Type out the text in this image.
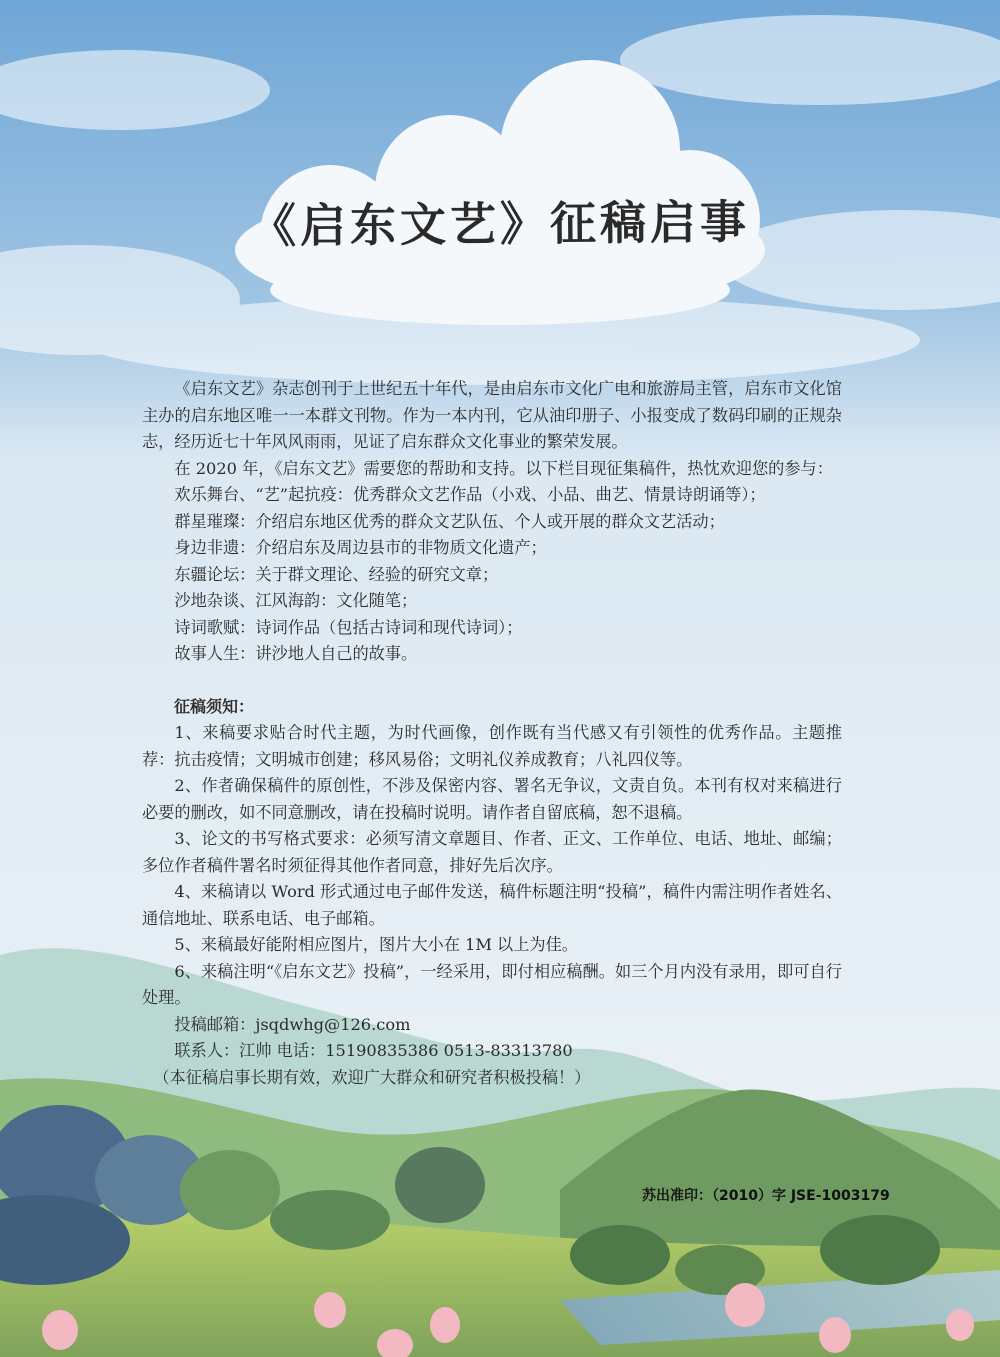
《启东文艺》征稿启事

《启东文艺》杂志创刊于上世纪五十年代，是由启东市文化广电和旅游局主管，启东市文化馆主办的启东地区唯一一本群文刊物。作为一本内刊，它从油印册子、小报变成了数码印刷的正规杂志，经历近七十年风风雨雨，见证了启东群众文化事业的繁荣发展。

在 2020 年，《启东文艺》需要您的帮助和支持。以下栏目现征集稿件，热忱欢迎您的参与：

欢乐舞台、“艺”起抗疫：优秀群众文艺作品（小戏、小品、曲艺、情景诗朗诵等）；

群星璀璨：介绍启东地区优秀的群众文艺队伍、个人或开展的群众文艺活动；

身边非遗：介绍启东及周边县市的非物质文化遗产；

东疆论坛：关于群文理论、经验的研究文章；

沙地杂谈、江风海韵：文化随笔；

诗词歌赋：诗词作品（包括古诗词和现代诗词）；

故事人生：讲沙地人自己的故事。

征稿须知：

1、来稿要求贴合时代主题，为时代画像，创作既有当代感又有引领性的优秀作品。主题推荐：抗击疫情；文明城市创建；移风易俗；文明礼仪养成教育；八礼四仪等。

2、作者确保稿件的原创性，不涉及保密内容、署名无争议，文责自负。本刊有权对来稿进行必要的删改，如不同意删改，请在投稿时说明。请作者自留底稿，恕不退稿。

3、论文的书写格式要求：必须写清文章题目、作者、正文、工作单位、电话、地址、邮编；多位作者稿件署名时须征得其他作者同意，排好先后次序。

4、来稿请以 Word 形式通过电子邮件发送，稿件标题注明“投稿”，稿件内需注明作者姓名、通信地址、联系电话、电子邮箱。

5、来稿最好能附相应图片，图片大小在 1M 以上为佳。

6、来稿注明“《启东文艺》投稿”，一经采用，即付相应稿酬。如三个月内没有录用，即可自行处理。

投稿邮箱：jsqdwhg@126.com

联系人：江帅 电话：15190835386 0513-83313780

（本征稿启事长期有效，欢迎广大群众和研究者积极投稿！）

苏出准印：（2010）字 JSE-1003179
